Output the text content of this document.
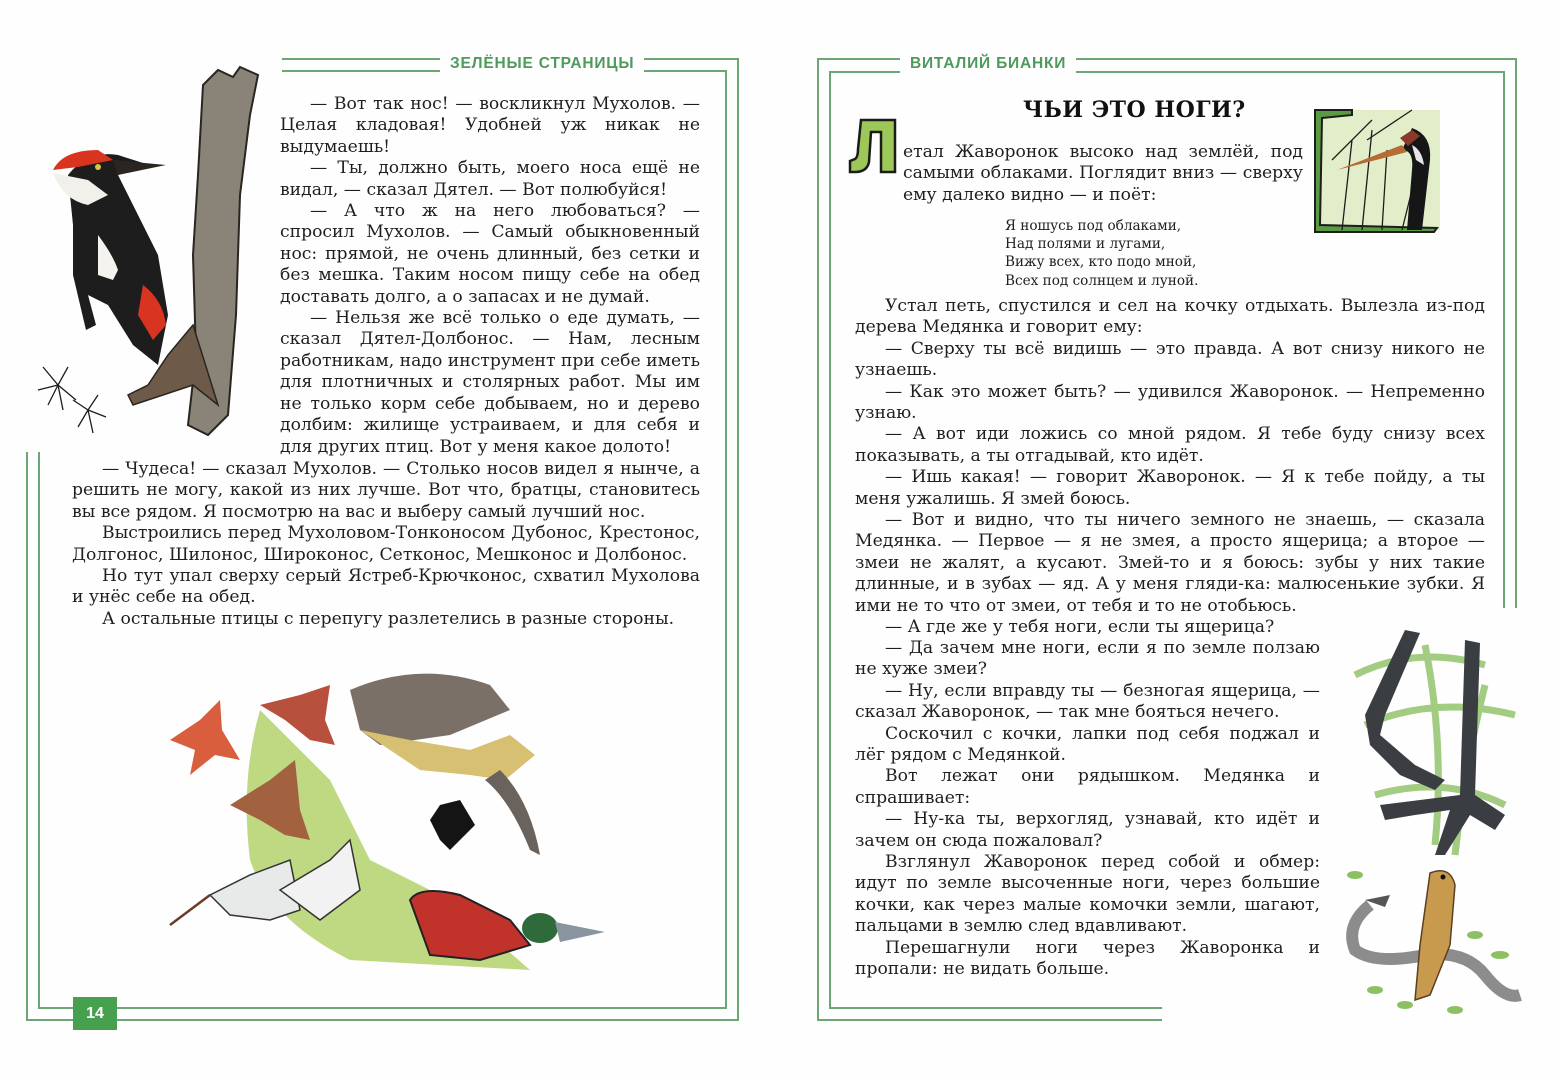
ЗЕЛЁНЫЕ СТРАНИЦЫ

— Вот так нос! — воскликнул Мухолов. — Целая кладовая! Удобней уж никак не выдумаешь!

— Ты, должно быть, моего носа ещё не видал, — сказал Дятел. — Вот полюбуйся!

— А что ж на него любоваться? — спросил Мухолов. — Самый обыкновенный нос: прямой, не очень длинный, без сетки и без мешка. Таким носом пищу себе на обед доставать долго, а о запасах и не думай.

— Нельзя же всё только о еде думать, — сказал Дятел-Долбонос. — Нам, лесным работникам, надо инструмент при себе иметь для плотничных и столярных работ. Мы им не только корм себе добываем, но и дерево долбим: жилище устраиваем, и для себя и для других птиц. Вот у меня какое долото!

— Чудеса! — сказал Мухолов. — Столько носов видел я нынче, а решить не могу, какой из них лучше. Вот что, братцы, становитесь вы все рядом. Я посмотрю на вас и выберу самый лучший нос.

Выстроились перед Мухоловом-Тонконосом Дубонос, Крестонос, Долгонос, Шилонос, Широконос, Сетконос, Мешконос и Долбонос.

Но тут упал сверху серый Ястреб-Крючконос, схватил Мухолова и унёс себе на обед.

А остальные птицы с перепугу разлетелись в разные стороны.

14
ВИТАЛИЙ БИАНКИ
ЧЬИ ЭТО НОГИ?
Л етал Жаворонок высоко над землёй, под самыми облаками. Поглядит вниз — сверху ему далеко видно — и поёт:

Я ношусь под облаками,
Над полями и лугами,
Вижу всех, кто подо мной,
Всех под солнцем и луной.

Устал петь, спустился и сел на кочку отдыхать. Вылезла из-под дерева Медянка и говорит ему:

— Сверху ты всё видишь — это правда. А вот снизу никого не узнаешь.

— Как это может быть? — удивился Жаворонок. — Непременно узнаю.

— А вот иди ложись со мной рядом. Я тебе буду снизу всех показывать, а ты отгадывай, кто идёт.

— Ишь какая! — говорит Жаворонок. — Я к тебе пойду, а ты меня ужалишь. Я змей боюсь.

— Вот и видно, что ты ничего земного не знаешь, — сказала Медянка. — Первое — я не змея, а просто ящерица; а второе — змеи не жалят, а кусают. Змей-то и я боюсь: зубы у них такие длинные, и в зубах — яд. А у меня гляди-ка: малюсенькие зубки. Я ими не то что от змеи, от тебя и то не отобьюсь.

— А где же у тебя ноги, если ты ящерица?

— Да зачем мне ноги, если я по земле ползаю не хуже змеи?

— Ну, если вправду ты — безногая ящерица, — сказал Жаворонок, — так мне бояться нечего.

Соскочил с кочки, лапки под себя поджал и лёг рядом с Медянкой.

Вот лежат они рядышком. Медянка и спрашивает:

— Ну-ка ты, верхогляд, узнавай, кто идёт и зачем он сюда пожаловал?

Взглянул Жаворонок перед собой и обмер: идут по земле высоченные ноги, через большие кочки, как через малые комочки земли, шагают, пальцами в землю след вдавливают.

Перешагнули ноги через Жаворонка и пропали: не видать больше.
